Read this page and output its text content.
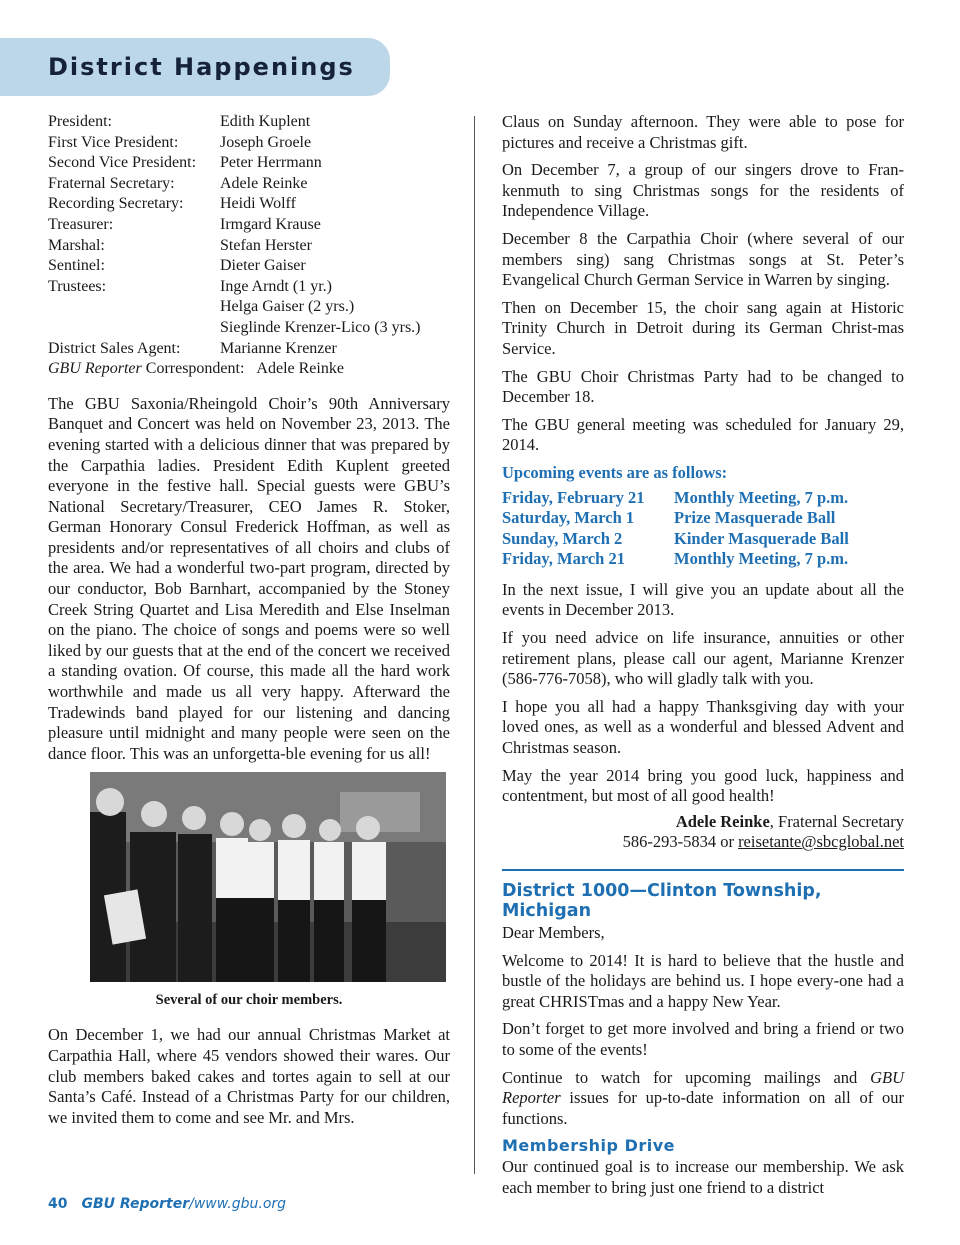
District Happenings
President:	Edith Kuplent
First Vice President:	Joseph Groele
Second Vice President:	Peter Herrmann
Fraternal Secretary:	Adele Reinke
Recording Secretary:	Heidi Wolff
Treasurer:	Irmgard Krause
Marshal:	Stefan Herster
Sentinel:	Dieter Gaiser
Trustees:	Inge Arndt (1 yr.)
Helga Gaiser (2 yrs.)
Sieglinde Krenzer-Lico (3 yrs.)
District Sales Agent:	Marianne Krenzer
GBU Reporter Correspondent: Adele Reinke

The GBU Saxonia/Rheingold Choir’s 90th Anniversary Banquet and Concert was held on November 23, 2013. The evening started with a delicious dinner that was prepared by the Carpathia ladies. President Edith Kuplent greeted everyone in the festive hall. Special guests were GBU’s National Secretary/Treasurer, CEO James R. Stoker, German Honorary Consul Frederick Hoffman, as well as presidents and/or representatives of all choirs and clubs of the area. We had a wonderful two-part program, directed by our conductor, Bob Barnhart, accompanied by the Stoney Creek String Quartet and Lisa Meredith and Else Inselman on the piano. The choice of songs and poems were so well liked by our guests that at the end of the concert we received a standing ovation. Of course, this made all the hard work worthwhile and made us all very happy. Afterward the Tradewinds band played for our listening and dancing pleasure until midnight and many people were seen on the dance floor. This was an unforgetta-ble evening for us all!

Several of our choir members.

On December 1, we had our annual Christmas Market at Carpathia Hall, where 45 vendors showed their wares. Our club members baked cakes and tortes again to sell at our Santa’s Café. Instead of a Christmas Party for our children, we invited them to come and see Mr. and Mrs.

Claus on Sunday afternoon. They were able to pose for pictures and receive a Christmas gift.

On December 7, a group of our singers drove to Fran-kenmuth to sing Christmas songs for the residents of Independence Village.

December 8 the Carpathia Choir (where several of our members sing) sang Christmas songs at St. Peter’s Evangelical Church German Service in Warren by singing.

Then on December 15, the choir sang again at Historic Trinity Church in Detroit during its German Christ-mas Service.

The GBU Choir Christmas Party had to be changed to December 18.

The GBU general meeting was scheduled for January 29, 2014.

Upcoming events are as follows:
Friday, February 21	Monthly Meeting, 7 p.m.
Saturday, March 1	Prize Masquerade Ball
Sunday, March 2	Kinder Masquerade Ball
Friday, March 21	Monthly Meeting, 7 p.m.

In the next issue, I will give you an update about all the events in December 2013.

If you need advice on life insurance, annuities or other retirement plans, please call our agent, Marianne Krenzer (586-776-7058), who will gladly talk with you.

I hope you all had a happy Thanksgiving day with your loved ones, as well as a wonderful and blessed Advent and Christmas season.

May the year 2014 bring you good luck, happiness and contentment, but most of all good health!

Adele Reinke, Fraternal Secretary
586-293-5834 or reisetante@sbcglobal.net
District 1000—Clinton Township, Michigan

Dear Members,

Welcome to 2014! It is hard to believe that the hustle and bustle of the holidays are behind us. I hope every-one had a great CHRISTmas and a happy New Year.

Don’t forget to get more involved and bring a friend or two to some of the events!

Continue to watch for upcoming mailings and GBU Reporter issues for up-to-date information on all of our functions.

Membership Drive

Our continued goal is to increase our membership. We ask each member to bring just one friend to a district

40 GBU Reporter/www.gbu.org
